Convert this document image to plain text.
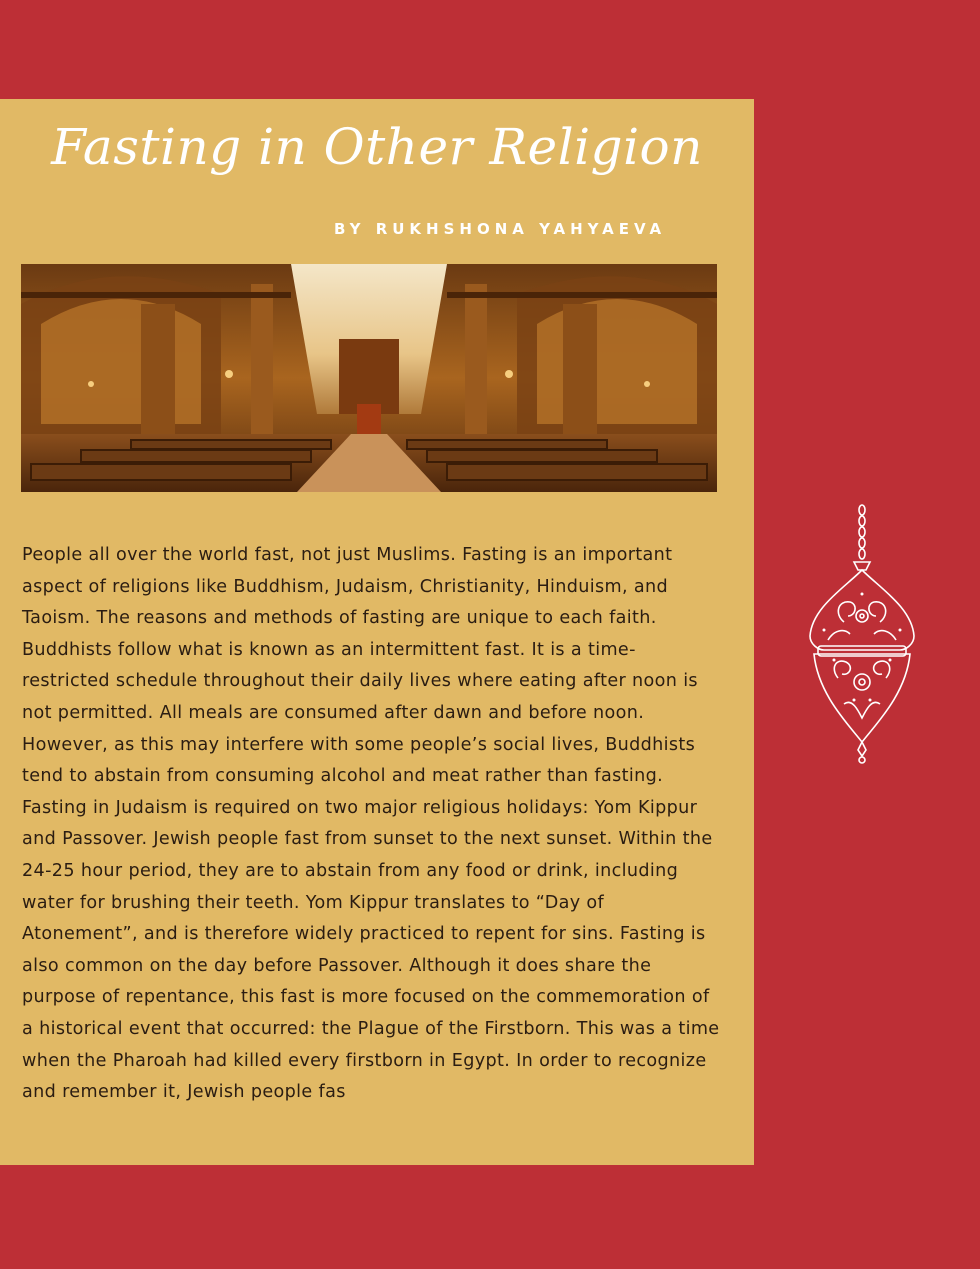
Fasting in Other Religion
BY RUKHSHONA YAHYAEVA

People all over the world fast, not just Muslims. Fasting is an important aspect of religions like Buddhism, Judaism, Christianity, Hinduism, and Taoism. The reasons and methods of fasting are unique to each faith. Buddhists follow what is known as an intermittent fast. It is a time-restricted schedule throughout their daily lives where eating after noon is not permitted. All meals are consumed after dawn and before noon. However, as this may interfere with some people’s social lives, Buddhists tend to abstain from consuming alcohol and meat rather than fasting.

Fasting in Judaism is required on two major religious holidays: Yom Kippur and Passover. Jewish people fast from sunset to the next sunset. Within the 24-25 hour period, they are to abstain from any food or drink, including water for brushing their teeth. Yom Kippur translates to “Day of Atonement”, and is therefore widely practiced to repent for sins. Fasting is also common on the day before Passover. Although it does share the purpose of repentance, this fast is more focused on the commemoration of a historical event that occurred: the Plague of the Firstborn. This was a time when the Pharoah had killed every firstborn in Egypt. In order to recognize and remember it, Jewish people fas
